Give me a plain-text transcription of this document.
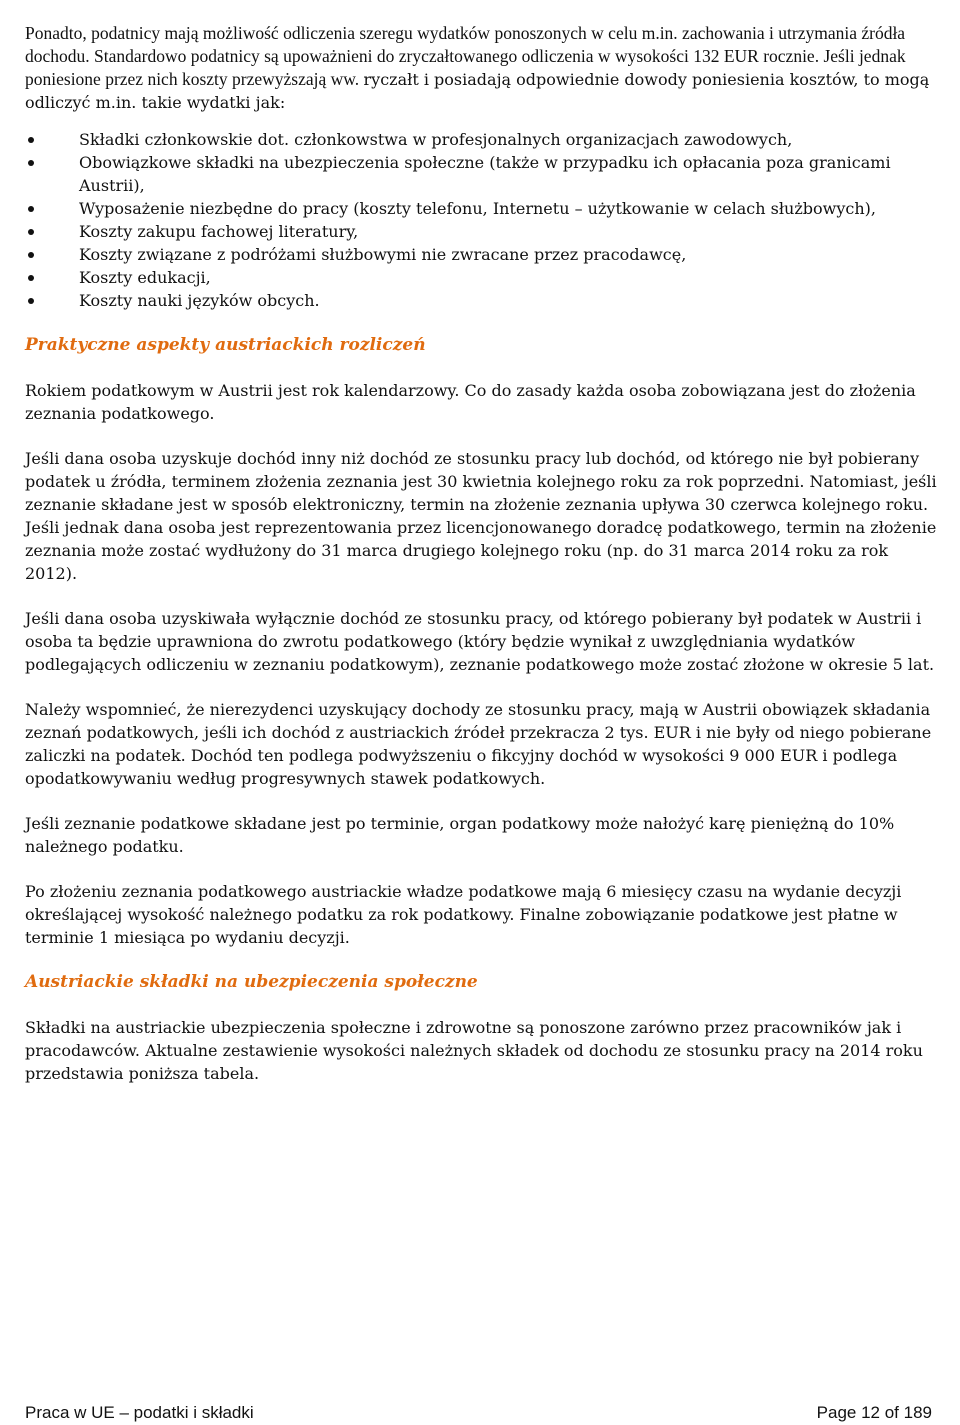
Ponadto, podatnicy mają możliwość odliczenia szeregu wydatków ponoszonych w celu m.in. zachowania i utrzymania źródła dochodu. Standardowo podatnicy są upoważnieni do zryczałtowanego odliczenia w wysokości 132 EUR rocznie. Jeśli jednak poniesione przez nich koszty przewyższają ww. ryczałt i posiadają odpowiednie dowody poniesienia kosztów, to mogą odliczyć m.in. takie wydatki jak:

Składki członkowskie dot. członkowstwa w profesjonalnych organizacjach zawodowych,
Obowiązkowe składki na ubezpieczenia społeczne (także w przypadku ich opłacania poza granicami Austrii),
Wyposażenie niezbędne do pracy (koszty telefonu, Internetu – użytkowanie w celach służbowych),
Koszty zakupu fachowej literatury,
Koszty związane z podróżami służbowymi nie zwracane przez pracodawcę,
Koszty edukacji,
Koszty nauki języków obcych.
Praktyczne aspekty austriackich rozliczeń

Rokiem podatkowym w Austrii jest rok kalendarzowy. Co do zasady każda osoba zobowiązana jest do złożenia zeznania podatkowego.

Jeśli dana osoba uzyskuje dochód inny niż dochód ze stosunku pracy lub dochód, od którego nie był pobierany podatek u źródła, terminem złożenia zeznania jest 30 kwietnia kolejnego roku za rok poprzedni. Natomiast, jeśli zeznanie składane jest w sposób elektroniczny, termin na złożenie zeznania upływa 30 czerwca kolejnego roku. Jeśli jednak dana osoba jest reprezentowania przez licencjonowanego doradcę podatkowego, termin na złożenie zeznania może zostać wydłużony do 31 marca drugiego kolejnego roku (np. do 31 marca 2014 roku za rok 2012).

Jeśli dana osoba uzyskiwała wyłącznie dochód ze stosunku pracy, od którego pobierany był podatek w Austrii i osoba ta będzie uprawniona do zwrotu podatkowego (który będzie wynikał z uwzględniania wydatków podlegających odliczeniu w zeznaniu podatkowym), zeznanie podatkowego może zostać złożone w okresie 5 lat.

Należy wspomnieć, że nierezydenci uzyskujący dochody ze stosunku pracy, mają w Austrii obowiązek składania zeznań podatkowych, jeśli ich dochód z austriackich źródeł przekracza 2 tys. EUR i nie były od niego pobierane zaliczki na podatek. Dochód ten podlega podwyższeniu o fikcyjny dochód w wysokości 9 000 EUR i podlega opodatkowywaniu według progresywnych stawek podatkowych.

Jeśli zeznanie podatkowe składane jest po terminie, organ podatkowy może nałożyć karę pieniężną do 10% należnego podatku.

Po złożeniu zeznania podatkowego austriackie władze podatkowe mają 6 miesięcy czasu na wydanie decyzji określającej wysokość należnego podatku za rok podatkowy. Finalne zobowiązanie podatkowe jest płatne w terminie 1 miesiąca po wydaniu decyzji.

Austriackie składki na ubezpieczenia społeczne

Składki na austriackie ubezpieczenia społeczne i zdrowotne są ponoszone zarówno przez pracowników jak i pracodawców. Aktualne zestawienie wysokości należnych składek od dochodu ze stosunku pracy na 2014 roku przedstawia poniższa tabela.

Praca w UE – podatki i składki	Page 12 of 189
